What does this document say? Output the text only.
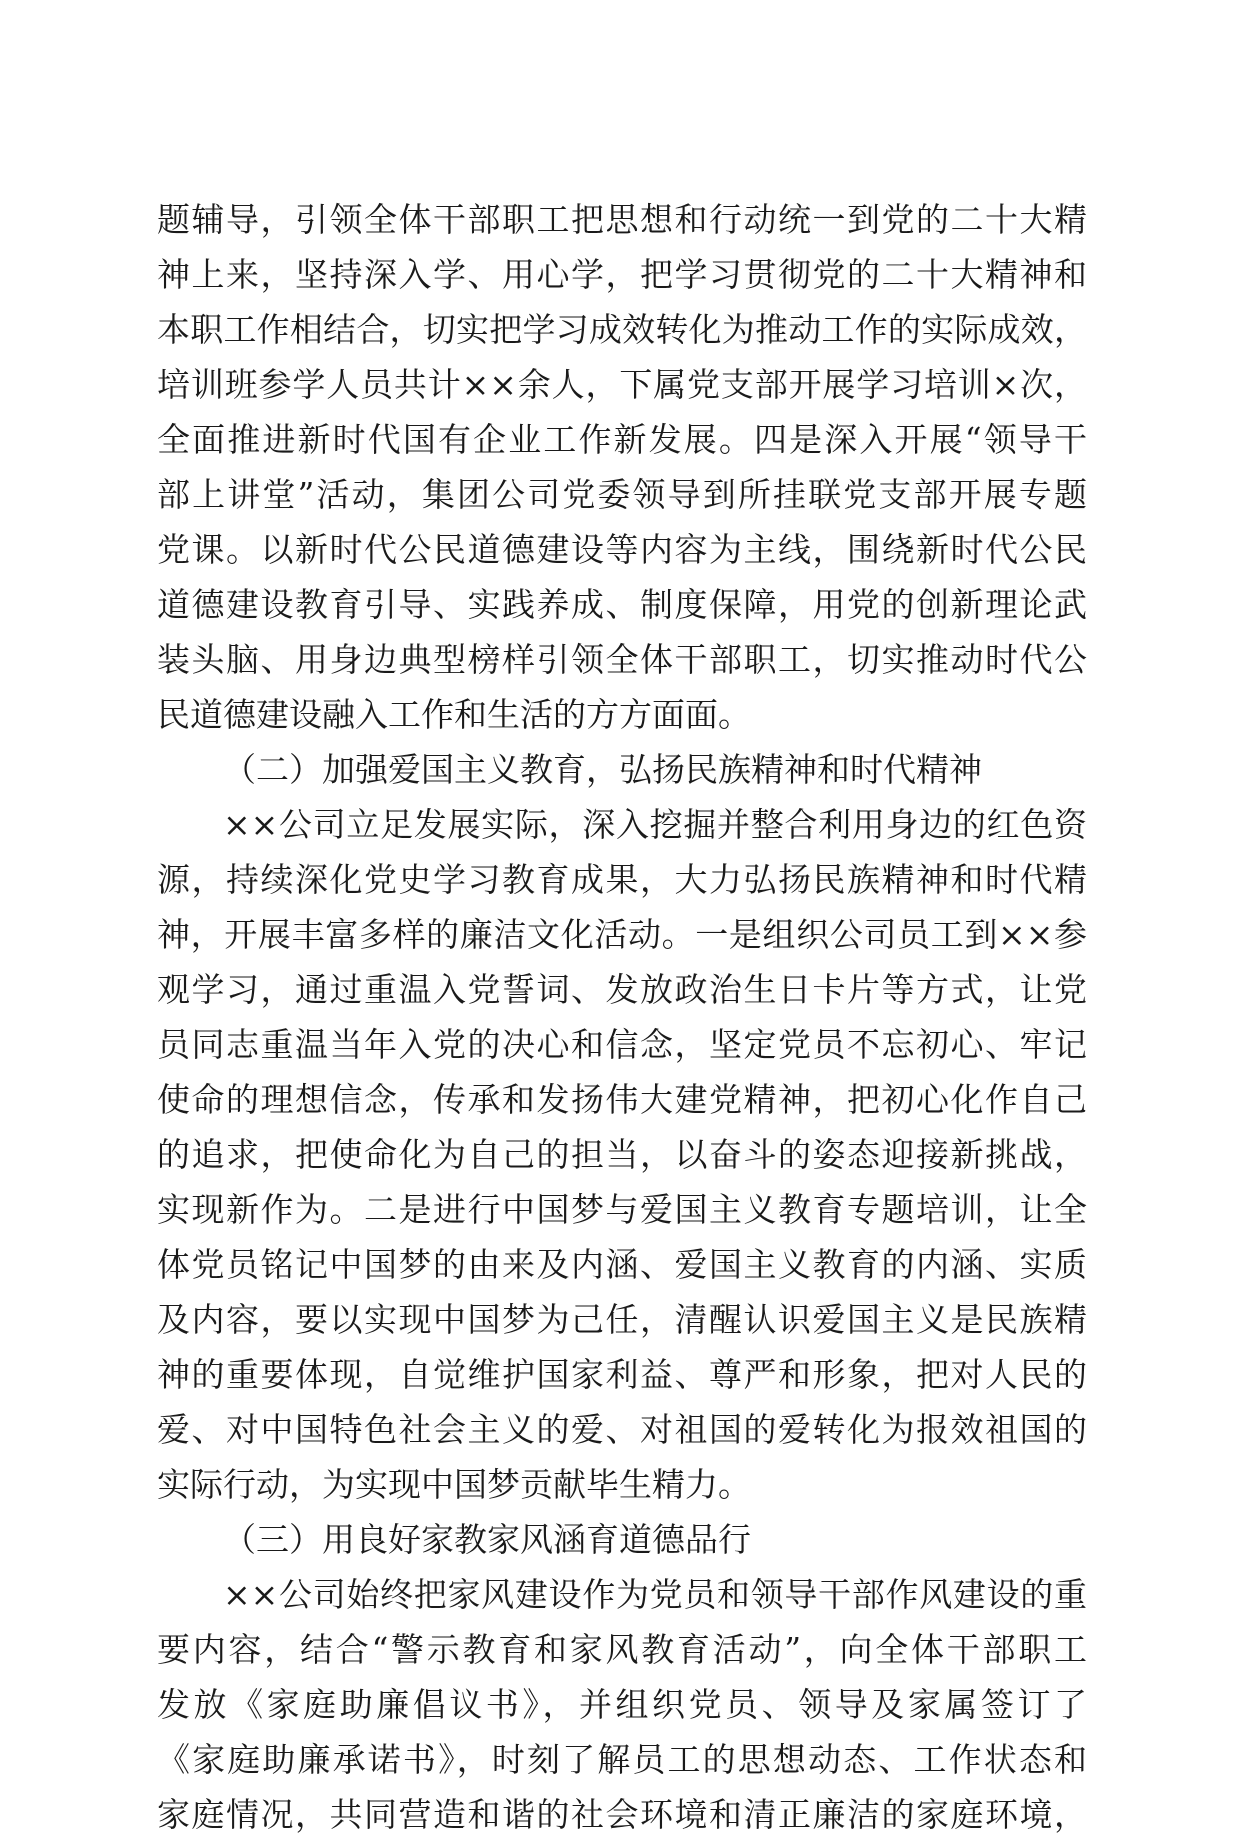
题辅导，引领全体干部职工把思想和行动统一到党的二十大精
神上来，坚持深入学、用心学，把学习贯彻党的二十大精神和
本职工作相结合，切实把学习成效转化为推动工作的实际成效，
培训班参学人员共计××余人，下属党支部开展学习培训×次，
全面推进新时代国有企业工作新发展。四是深入开展“领导干
部上讲堂”活动，集团公司党委领导到所挂联党支部开展专题
党课。以新时代公民道德建设等内容为主线，围绕新时代公民
道德建设教育引导、实践养成、制度保障，用党的创新理论武
装头脑、用身边典型榜样引领全体干部职工，切实推动时代公
民道德建设融入工作和生活的方方面面。
（二）加强爱国主义教育，弘扬民族精神和时代精神
××公司立足发展实际，深入挖掘并整合利用身边的红色资
源，持续深化党史学习教育成果，大力弘扬民族精神和时代精
神，开展丰富多样的廉洁文化活动。一是组织公司员工到××参
观学习，通过重温入党誓词、发放政治生日卡片等方式，让党
员同志重温当年入党的决心和信念，坚定党员不忘初心、牢记
使命的理想信念，传承和发扬伟大建党精神，把初心化作自己
的追求，把使命化为自己的担当，以奋斗的姿态迎接新挑战，
实现新作为。二是进行中国梦与爱国主义教育专题培训，让全
体党员铭记中国梦的由来及内涵、爱国主义教育的内涵、实质
及内容，要以实现中国梦为己任，清醒认识爱国主义是民族精
神的重要体现，自觉维护国家利益、尊严和形象，把对人民的
爱、对中国特色社会主义的爱、对祖国的爱转化为报效祖国的
实际行动，为实现中国梦贡献毕生精力。
（三）用良好家教家风涵育道德品行
××公司始终把家风建设作为党员和领导干部作风建设的重
要内容，结合“警示教育和家风教育活动”，向全体干部职工
发放《家庭助廉倡议书》，并组织党员、领导及家属签订了
《家庭助廉承诺书》，时刻了解员工的思想动态、工作状态和
家庭情况，共同营造和谐的社会环境和清正廉洁的家庭环境，
